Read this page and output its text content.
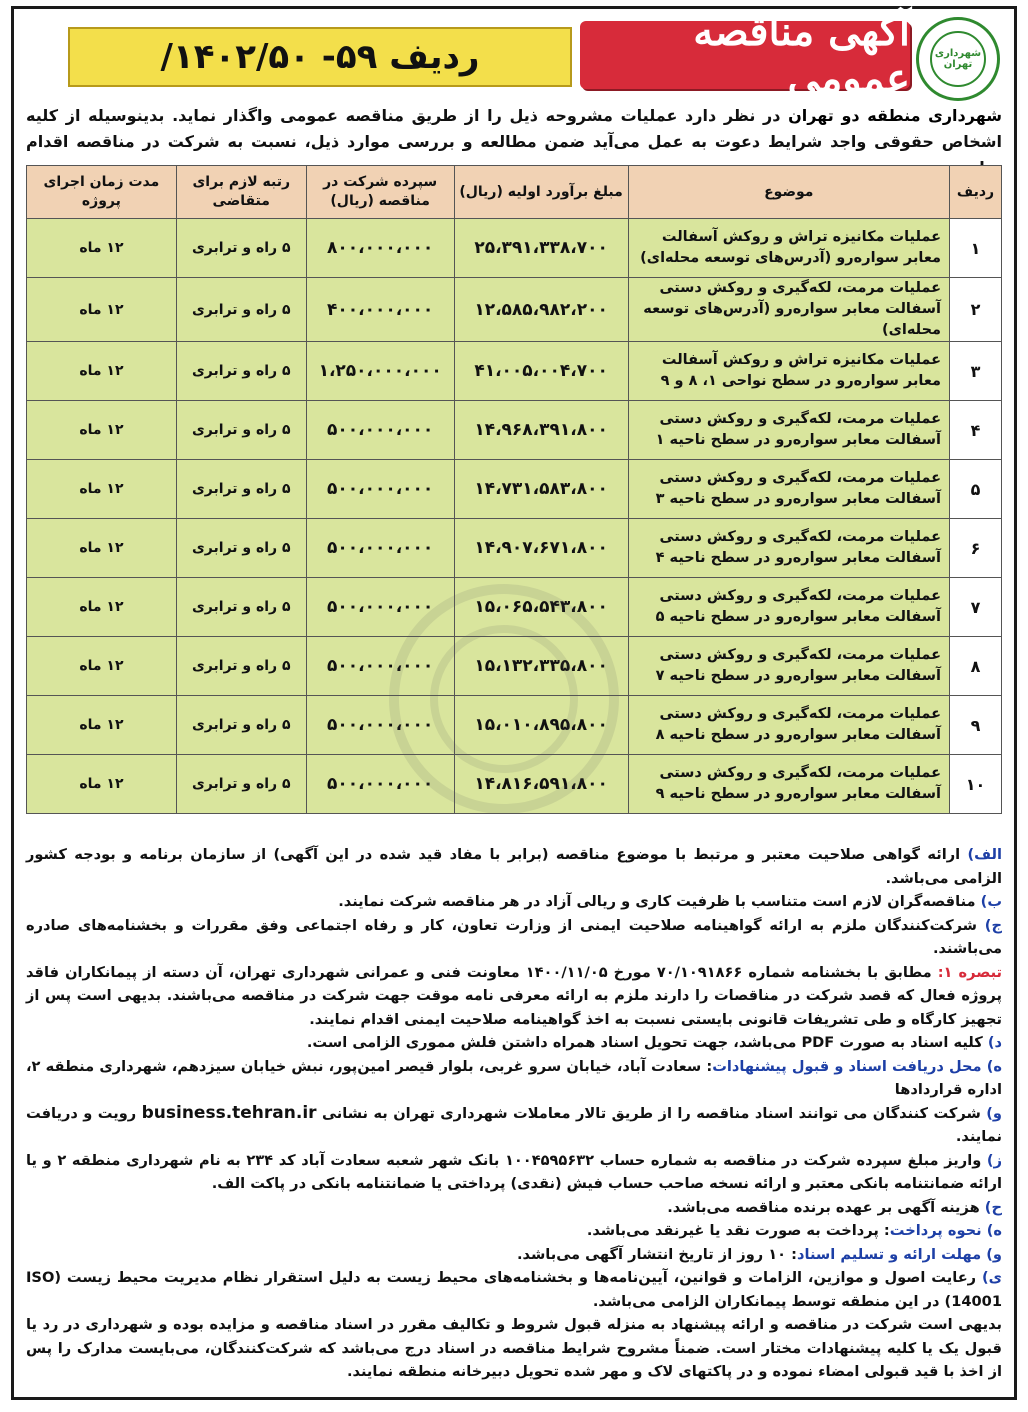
شهرداری تهران
آگهی مناقصه عمومی
ردیف ۵۹- ۱۴۰۲/۵۰/
شهرداری منطقه دو تهران در نظر دارد عملیات مشروحه ذیل را از طریق مناقصه عمومی واگذار نماید. بدینوسیله از کلیه اشخاص حقوقی واجد شرایط دعوت به عمل می‌آید ضمن مطالعه و بررسی موارد ذیل، نسبت به شرکت در مناقصه اقدام
ردیف	موضوع	مبلغ برآورد اولیه (ریال)	سپرده شرکت در مناقصه (ریال)	رتبه لازم برای متقاضی	مدت زمان اجرای پروژه
۱	عملیات مکانیزه تراش و روکش آسفالت معابر سواره‌رو (آدرس‌های توسعه محله‌ای)	۲۵،۳۹۱،۳۳۸،۷۰۰	۸۰۰،۰۰۰،۰۰۰	۵ راه و ترابری	۱۲ ماه
۲	عملیات مرمت، لکه‌گیری و روکش دستی آسفالت معابر سواره‌رو (آدرس‌های توسعه محله‌ای)	۱۲،۵۸۵،۹۸۲،۲۰۰	۴۰۰،۰۰۰،۰۰۰	۵ راه و ترابری	۱۲ ماه
۳	عملیات مکانیزه تراش و روکش آسفالت معابر سواره‌رو در سطح نواحی ۱، ۸ و ۹	۴۱،۰۰۵،۰۰۴،۷۰۰	۱،۲۵۰،۰۰۰،۰۰۰	۵ راه و ترابری	۱۲ ماه
۴	عملیات مرمت، لکه‌گیری و روکش دستی آسفالت معابر سواره‌رو در سطح ناحیه ۱	۱۴،۹۶۸،۳۹۱،۸۰۰	۵۰۰،۰۰۰،۰۰۰	۵ راه و ترابری	۱۲ ماه
۵	عملیات مرمت، لکه‌گیری و روکش دستی آسفالت معابر سواره‌رو در سطح ناحیه ۳	۱۴،۷۳۱،۵۸۳،۸۰۰	۵۰۰،۰۰۰،۰۰۰	۵ راه و ترابری	۱۲ ماه
۶	عملیات مرمت، لکه‌گیری و روکش دستی آسفالت معابر سواره‌رو در سطح ناحیه ۴	۱۴،۹۰۷،۶۷۱،۸۰۰	۵۰۰،۰۰۰،۰۰۰	۵ راه و ترابری	۱۲ ماه
۷	عملیات مرمت، لکه‌گیری و روکش دستی آسفالت معابر سواره‌رو در سطح ناحیه ۵	۱۵،۰۶۵،۵۴۳،۸۰۰	۵۰۰،۰۰۰،۰۰۰	۵ راه و ترابری	۱۲ ماه
۸	عملیات مرمت، لکه‌گیری و روکش دستی آسفالت معابر سواره‌رو در سطح ناحیه ۷	۱۵،۱۳۲،۳۳۵،۸۰۰	۵۰۰،۰۰۰،۰۰۰	۵ راه و ترابری	۱۲ ماه
۹	عملیات مرمت، لکه‌گیری و روکش دستی آسفالت معابر سواره‌رو در سطح ناحیه ۸	۱۵،۰۱۰،۸۹۵،۸۰۰	۵۰۰،۰۰۰،۰۰۰	۵ راه و ترابری	۱۲ ماه
۱۰	عملیات مرمت، لکه‌گیری و روکش دستی آسفالت معابر سواره‌رو در سطح ناحیه ۹	۱۴،۸۱۶،۵۹۱،۸۰۰	۵۰۰،۰۰۰،۰۰۰	۵ راه و ترابری	۱۲ ماه

الف) ارائه گواهی صلاحیت معتبر و مرتبط با موضوع مناقصه (برابر با مفاد قید شده در این آگهی) از سازمان برنامه و بودجه کشور الزامی می‌باشد.

ب) مناقصه‌گران لازم است متناسب با ظرفیت کاری و ریالی آزاد در هر مناقصه شرکت نمایند.

ج) شرکت‌کنندگان ملزم به ارائه گواهینامه صلاحیت ایمنی از وزارت تعاون، کار و رفاه اجتماعی وفق مقررات و بخشنامه‌های صادره می‌باشند.

تبصره ۱: مطابق با بخشنامه شماره ۷۰/۱۰۹۱۸۶۶ مورخ ۱۴۰۰/۱۱/۰۵ معاونت فنی و عمرانی شهرداری تهران، آن دسته از پیمانکاران فاقد پروژه فعال که قصد شرکت در مناقصات را دارند ملزم به ارائه معرفی نامه موقت جهت شرکت در مناقصه می‌باشند. بدیهی است پس از تجهیز کارگاه و طی تشریفات قانونی بایستی نسبت به اخذ گواهینامه صلاحیت ایمنی اقدام نمایند.

د) کلیه اسناد به صورت PDF می‌باشد، جهت تحویل اسناد همراه داشتن فلش مموری الزامی است.

ه) محل دریافت اسناد و قبول پیشنهادات: سعادت آباد، خیابان سرو غربی، بلوار قیصر امین‌پور، نبش خیابان سیزدهم، شهرداری منطقه ۲، اداره قراردادها

و) شرکت کنندگان می توانند اسناد مناقصه را از طریق تالار معاملات شهرداری تهران به نشانی business.tehran.ir رویت و دریافت نمایند.

ز) واریز مبلغ سپرده شرکت در مناقصه به شماره حساب ۱۰۰۴۵۹۵۶۳۲ بانک شهر شعبه سعادت آباد کد ۲۳۴ به نام شهرداری منطقه ۲ و یا ارائه ضمانتنامه بانکی معتبر و ارائه نسخه صاحب حساب فیش (نقدی) پرداختی یا ضمانتنامه بانکی در پاکت الف.

ح) هزینه آگهی بر عهده برنده مناقصه می‌باشد.

ه) نحوه پرداخت: پرداخت به صورت نقد یا غیرنقد می‌باشد.

و) مهلت ارائه و تسلیم اسناد: ۱۰ روز از تاریخ انتشار آگهی می‌باشد.

ی) رعایت اصول و موازین، الزامات و قوانین، آیین‌نامه‌ها و بخشنامه‌های محیط زیست به دلیل استقرار نظام مدیریت محیط زیست (ISO 14001) در این منطقه توسط پیمانکاران الزامی می‌باشد.

بدیهی است شرکت در مناقصه و ارائه پیشنهاد به منزله قبول شروط و تکالیف مقرر در اسناد مناقصه و مزایده بوده و شهرداری در رد یا قبول یک یا کلیه پیشنهادات مختار است. ضمناً مشروح شرایط مناقصه در اسناد درج می‌باشد که شرکت‌کنندگان، می‌بایست مدارک را پس از اخذ با قید قبولی امضاء نموده و در پاکتهای لاک و مهر شده تحویل دبیرخانه منطقه نمایند.
